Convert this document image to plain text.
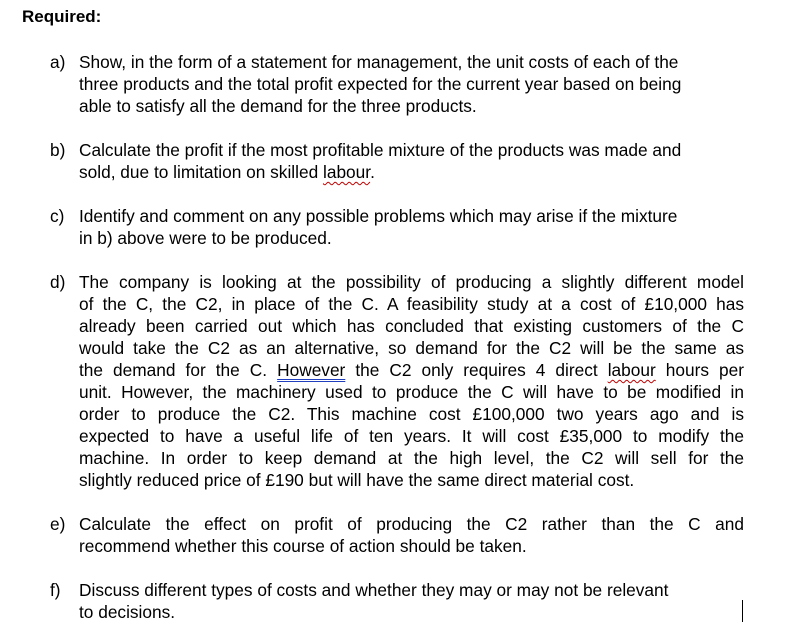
Required:
a) Show, in the form of a statement for management, the unit costs of each of the
three products and the total profit expected for the current year based on being
able to satisfy all the demand for the three products.
b) Calculate the profit if the most profitable mixture of the products was made and
sold, due to limitation on skilled labour.
c) Identify and comment on any possible problems which may arise if the mixture
in b) above were to be produced.
d) The company is looking at the possibility of producing a slightly different model
of the C, the C2, in place of the C. A feasibility study at a cost of £10,000 has
already been carried out which has concluded that existing customers of the C
would take the C2 as an alternative, so demand for the C2 will be the same as
the demand for the C. However the C2 only requires 4 direct labour hours per
unit. However, the machinery used to produce the C will have to be modified in
order to produce the C2. This machine cost £100,000 two years ago and is
expected to have a useful life of ten years. It will cost £35,000 to modify the
machine. In order to keep demand at the high level, the C2 will sell for the
slightly reduced price of £190 but will have the same direct material cost.
e) Calculate the effect on profit of producing the C2 rather than the C and
recommend whether this course of action should be taken.
f)	Discuss different types of costs and whether they may or may not be relevant
to decisions.
